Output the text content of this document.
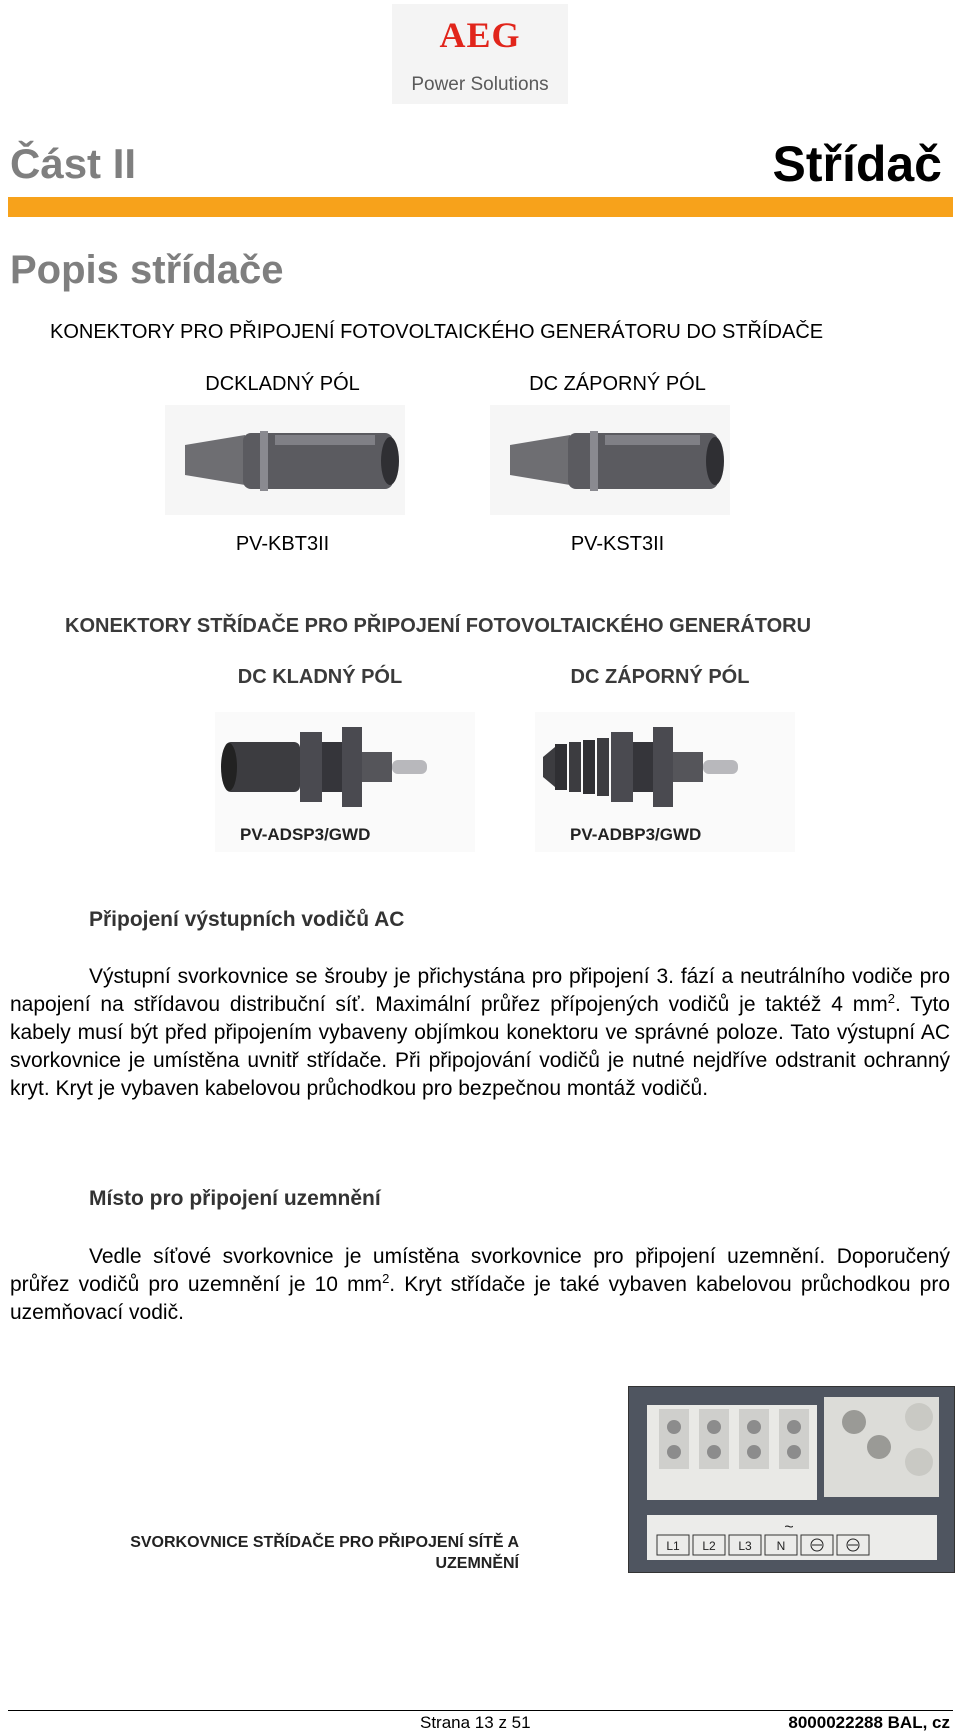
AEG
Power Solutions
Část II	Střídač
Popis střídače
KONEKTORY PRO PŘIPOJENÍ FOTOVOLTAICKÉHO GENERÁTORU DO STŘÍDAČE
DCKLADNÝ PÓL	DC ZÁPORNÝ PÓL
PV-KBT3II	PV-KST3II
KONEKTORY STŘÍDAČE PRO PŘIPOJENÍ FOTOVOLTAICKÉHO GENERÁTORU
DC KLADNÝ PÓL	DC ZÁPORNÝ PÓL
PV-ADSP3/GWD	PV-ADBP3/GWD
Připojení výstupních vodičů AC

Výstupní svorkovnice se šrouby je přichystána pro připojení 3. fází a neutrálního vodiče pro napojení na střídavou distribuční síť. Maximální průřez přípojených vodičů je taktéž 4 $mm^2$. Tyto kabely musí být před připojením vybaveny objímkou konektoru ve správné poloze. Tato výstupní AC svorkovnice je umístěna uvnitř střídače. Při připojování vodičů je nutné nejdříve odstranit ochranný kryt. Kryt je vybaven kabelovou průchodkou pro bezpečnou montáž vodičů.

Místo pro připojení uzemnění

Vedle síťové svorkovnice je umístěna svorkovnice pro připojení uzemnění. Doporučený průřez vodičů pro uzemnění je 10 $mm^2$. Kryt střídače je také vybaven kabelovou průchodkou pro uzemňovací vodič.

~
L1 L2 L3 N
SVORKOVNICE STŘÍDAČE PRO PŘIPOJENÍ SÍTĚ A UZEMNĚNÍ
Strana 13 z 51	8000022288 BAL, cz
